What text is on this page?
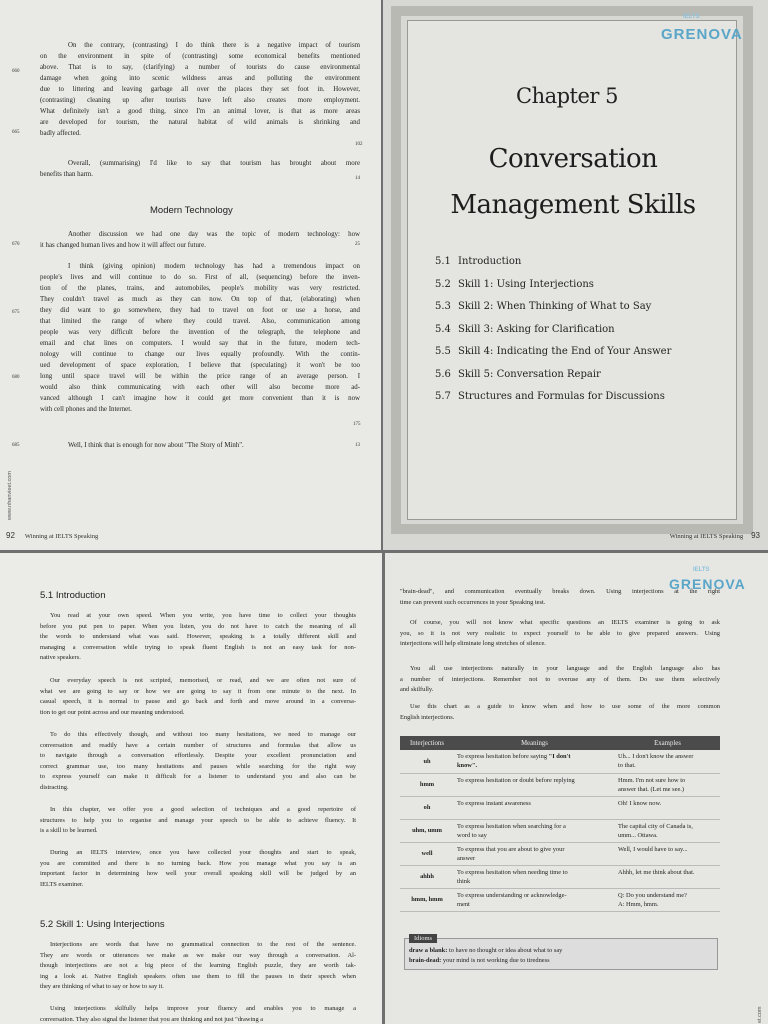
On the contrary, (contrasting) I do think there is a negative impact of tourism
on the environment in spite of (contrasting) some economical benefits mentioned
above. That is to say, (clarifying) a number of tourists do cause environmental
damage when going into scenic wildness areas and polluting the environment
due to littering and leaving garbage all over the places they set foot in. However,
(contrasting) cleaning up after tourists have left also creates more employment.
What definitely isn't a good thing, since I'm an animal lover, is that as more areas
are developed for tourism, the natural habitat of wild animals is shrinking and
badly affected.
Overall, (summarising) I'd like to say that tourism has brought about more
benefits than harm.
Modern Technology
Another discussion we had one day was the topic of modern technology: how
it has changed human lives and how it will affect our future.
I think (giving opinion) modern technology has had a tremendous impact on
people's lives and will continue to do so. First of all, (sequencing) before the inven-
tion of the planes, trains, and automobiles, people's mobility was very restricted.
They couldn't travel as much as they can now. On top of that, (elaborating) when
they did want to go somewhere, they had to travel on foot or use a horse, and
that limited the range of where they could travel. Also, communication among
people was very difficult before the invention of the telegraph, the telephone and
email and chat lines on computers. I would say that in the future, modern tech-
nology will continue to change our lives equally profoundly. With the contin-
ued development of space exploration, I believe that (speculating) it won't be too
long until space travel will be within the price range of an average person. I
would also think communicating with each other will also become more ad-
vanced although I can't imagine how it could get more convenient than it is now
with cell phones and the Internet.
Well, I think that is enough for now about "The Story of Minh".
660
665
670
675
680
685
102
14
25
175
13
www.nhanvieet.com
92 Winning at IELTS Speaking
IELTS
GRENOVA
Chapter 5
Conversation
Management Skills
5.1 Introduction
5.2 Skill 1: Using Interjections
5.3 Skill 2: When Thinking of What to Say
5.4 Skill 3: Asking for Clarification
5.5 Skill 4: Indicating the End of Your Answer
5.6 Skill 5: Conversation Repair
5.7 Structures and Formulas for Discussions
Winning at IELTS Speaking 93
5.1 Introduction
You read at your own speed. When you write, you have time to collect your thoughts
before you put pen to paper. When you listen, you do not have to catch the meaning of all
the words to understand what was said. However, speaking is a totally different skill and
managing a conversation while trying to speak fluent English is not an easy task for non-
native speakers.
Our everyday speech is not scripted, memorised, or read, and we are often not sure of
what we are going to say or how we are going to say it from one minute to the next. In
casual speech, it is normal to pause and go back and forth and move around in a conversa-
tion to get our point across and our meaning understood.
To do this effectively though, and without too many hesitations, we need to manage our
conversation and readily have a certain number of structures and formulas that allow us
to navigate through a conversation effortlessly. Despite your excellent pronunciation and
correct grammar use, too many hesitations and pauses while searching for the right way
to express yourself can make it difficult for a listener to understand you and also can be
distracting.
In this chapter, we offer you a good selection of techniques and a good repertoire of
structures to help you to organise and manage your speech to be able to achieve fluency. It
is a skill to be learned.
During an IELTS interview, once you have collected your thoughts and start to speak,
you are committed and there is no turning back. How you manage what you say is an
important factor in determining how well your overall speaking skill will be judged by an
IELTS examiner.
5.2 Skill 1: Using Interjections
Interjections are words that have no grammatical connection to the rest of the sentence.
They are words or utterances we make as we make our way through a conversation. Al-
though interjections are not a big piece of the learning English puzzle, they are worth tak-
ing a look at. Native English speakers often use them to fill the pauses in their speech when
they are thinking of what to say or how to say it.
Using interjections skilfully helps improve your fluency and enables you to manage a
conversation. They also signal the listener that you are thinking and not just "drawing a
IELTS
GRENOVA
"brain-dead", and communication eventually breaks down. Using interjections at the right
time can prevent such occurrences in your Speaking test.
Of course, you will not know what specific questions an IELTS examiner is going to ask
you, so it is not very realistic to expect yourself to be able to give prepared answers. Using
interjections will help eliminate long stretches of silence.
You all use interjections naturally in your language and the English language also has
a number of interjections. Remember not to overuse any of them. Do use them selectively
and skilfully.
Use this chart as a guide to know when and how to use some of the more common
English interjections.
Interjections	Meanings	Examples
uh	To express hesitation before saying "I don't
know".	Uh... I don't know the answer
to that.
hmm	To express hesitation or doubt before replying	Hmm. I'm not sure how to
answer that. (Let me see.)
oh	To express instant awareness	Oh! I know now.
uhm, umm	To express hesitation when searching for a
word to say	The capital city of Canada is,
umm... Ottawa.
well	To express that you are about to give your
answer	Well, I would have to say...
ahhh	To express hesitation when needing time to
think	Ahhh, let me think about that.
hmm, hmm	To express understanding or acknowledge-
ment	Q: Do you understand me?
A: Hmm, hmm.
Idioms
draw a blank: to have no thought or idea about what to say
brain-dead: your mind is not working due to tiredness
et.com
